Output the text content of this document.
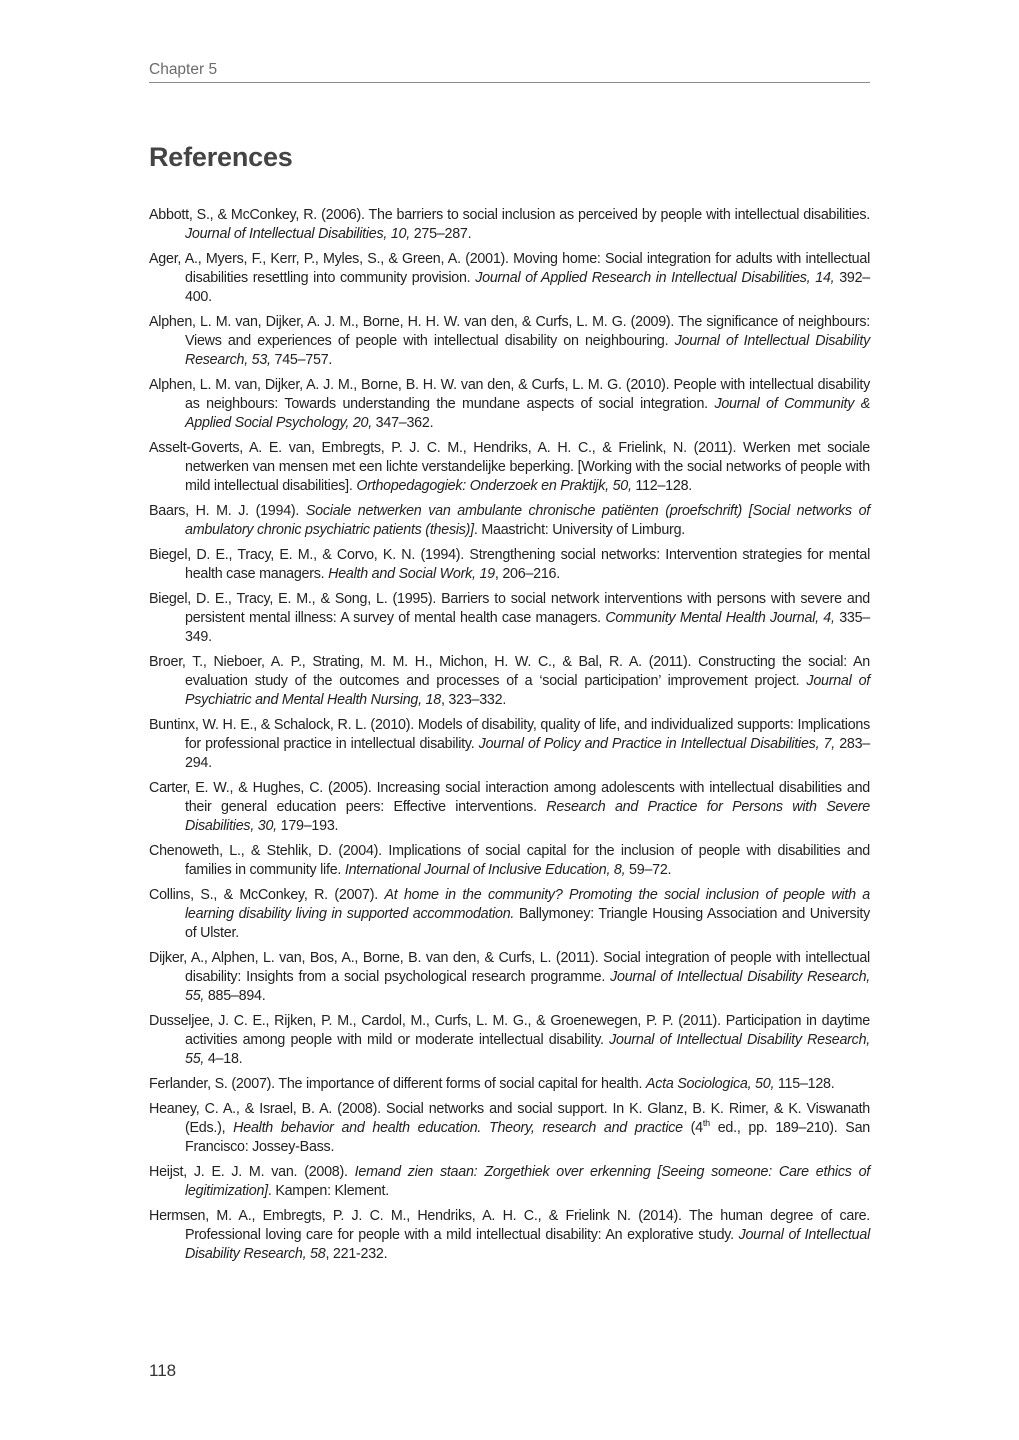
Chapter 5
References
Abbott, S., & McConkey, R. (2006). The barriers to social inclusion as perceived by people with intellectual disabilities. Journal of Intellectual Disabilities, 10, 275–287.
Ager, A., Myers, F., Kerr, P., Myles, S., & Green, A. (2001). Moving home: Social integration for adults with intellectual disabilities resettling into community provision. Journal of Applied Research in Intellectual Disabilities, 14, 392–400.
Alphen, L. M. van, Dijker, A. J. M., Borne, H. H. W. van den, & Curfs, L. M. G. (2009). The significance of neighbours: Views and experiences of people with intellectual disability on neighbouring. Journal of Intellectual Disability Research, 53, 745–757.
Alphen, L. M. van, Dijker, A. J. M., Borne, B. H. W. van den, & Curfs, L. M. G. (2010). People with intellectual disability as neighbours: Towards understanding the mundane aspects of social integration. Journal of Community & Applied Social Psychology, 20, 347–362.
Asselt-Goverts, A. E. van, Embregts, P. J. C. M., Hendriks, A. H. C., & Frielink, N. (2011). Werken met sociale netwerken van mensen met een lichte verstandelijke beperking. [Working with the social networks of people with mild intellectual disabilities]. Orthopedagogiek: Onderzoek en Praktijk, 50, 112–128.
Baars, H. M. J. (1994). Sociale netwerken van ambulante chronische patiënten (proefschrift) [Social networks of ambulatory chronic psychiatric patients (thesis)]. Maastricht: University of Limburg.
Biegel, D. E., Tracy, E. M., & Corvo, K. N. (1994). Strengthening social networks: Intervention strategies for mental health case managers. Health and Social Work, 19, 206–216.
Biegel, D. E., Tracy, E. M., & Song, L. (1995). Barriers to social network interventions with persons with severe and persistent mental illness: A survey of mental health case managers. Community Mental Health Journal, 4, 335–349.
Broer, T., Nieboer, A. P., Strating, M. M. H., Michon, H. W. C., & Bal, R. A. (2011). Constructing the social: An evaluation study of the outcomes and processes of a ‘social participation’ improvement project. Journal of Psychiatric and Mental Health Nursing, 18, 323–332.
Buntinx, W. H. E., & Schalock, R. L. (2010). Models of disability, quality of life, and individualized supports: Implications for professional practice in intellectual disability. Journal of Policy and Practice in Intellectual Disabilities, 7, 283–294.
Carter, E. W., & Hughes, C. (2005). Increasing social interaction among adolescents with intellectual disabilities and their general education peers: Effective interventions. Research and Practice for Persons with Severe Disabilities, 30, 179–193.
Chenoweth, L., & Stehlik, D. (2004). Implications of social capital for the inclusion of people with disabilities and families in community life. International Journal of Inclusive Education, 8, 59–72.
Collins, S., & McConkey, R. (2007). At home in the community? Promoting the social inclusion of people with a learning disability living in supported accommodation. Ballymoney: Triangle Housing Association and University of Ulster.
Dijker, A., Alphen, L. van, Bos, A., Borne, B. van den, & Curfs, L. (2011). Social integration of people with intellectual disability: Insights from a social psychological research programme. Journal of Intellectual Disability Research, 55, 885–894.
Dusseljee, J. C. E., Rijken, P. M., Cardol, M., Curfs, L. M. G., & Groenewegen, P. P. (2011). Participation in daytime activities among people with mild or moderate intellectual disability. Journal of Intellectual Disability Research, 55, 4–18.
Ferlander, S. (2007). The importance of different forms of social capital for health. Acta Sociologica, 50, 115–128.
Heaney, C. A., & Israel, B. A. (2008). Social networks and social support. In K. Glanz, B. K. Rimer, & K. Viswanath (Eds.), Health behavior and health education. Theory, research and practice (4th ed., pp. 189–210). San Francisco: Jossey-Bass.
Heijst, J. E. J. M. van. (2008). Iemand zien staan: Zorgethiek over erkenning [Seeing someone: Care ethics of legitimization]. Kampen: Klement.
Hermsen, M. A., Embregts, P. J. C. M., Hendriks, A. H. C., & Frielink N. (2014). The human degree of care. Professional loving care for people with a mild intellectual disability: An explorative study. Journal of Intellectual Disability Research, 58, 221-232.
118
